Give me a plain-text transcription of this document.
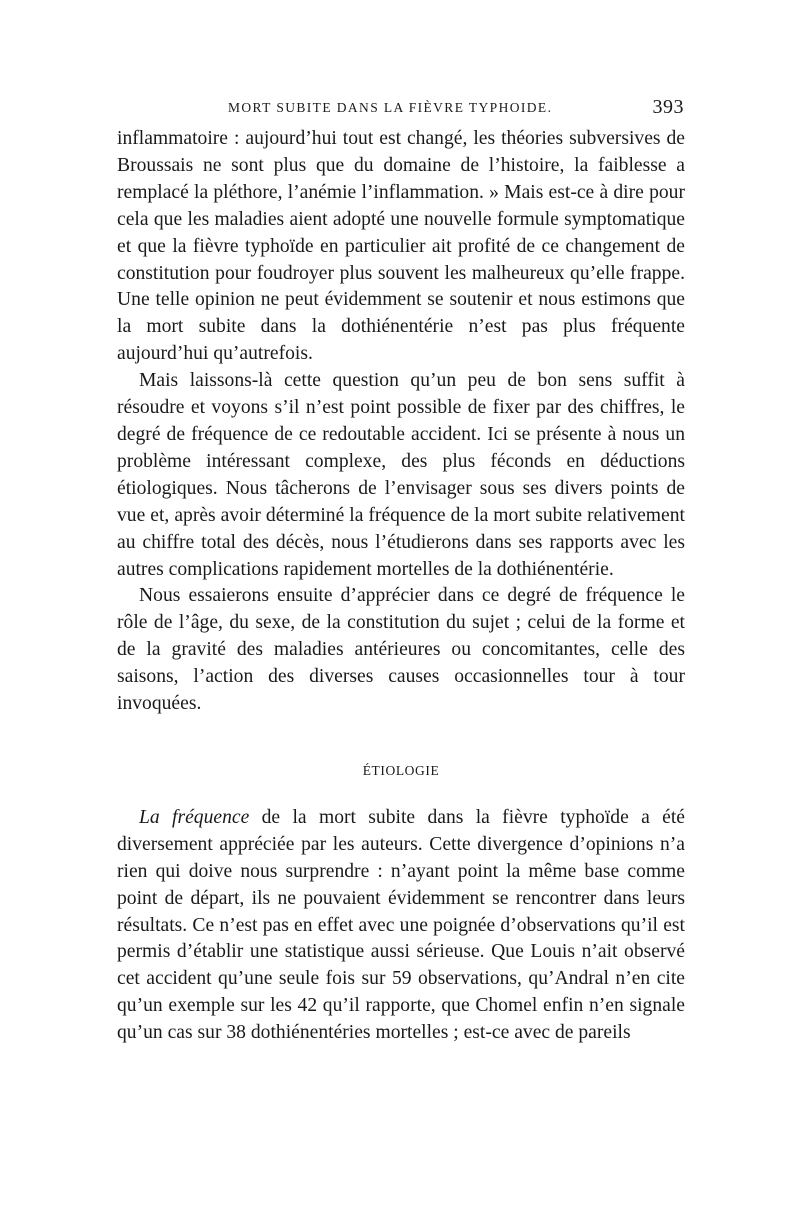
MORT SUBITE DANS LA FIÈVRE TYPHOIDE.	393

inflammatoire : aujourd’hui tout est changé, les théories subversives de Broussais ne sont plus que du domaine de l’histoire, la faiblesse a remplacé la pléthore, l’anémie l’inflammation. » Mais est-ce à dire pour cela que les maladies aient adopté une nouvelle formule symptomatique et que la fièvre typhoïde en particulier ait profité de ce changement de constitution pour foudroyer plus souvent les malheureux qu’elle frappe. Une telle opinion ne peut évidemment se soutenir et nous estimons que la mort subite dans la dothiénentérie n’est pas plus fréquente aujourd’hui qu’autrefois.

Mais laissons-là cette question qu’un peu de bon sens suffit à résoudre et voyons s’il n’est point possible de fixer par des chiffres, le degré de fréquence de ce redoutable accident. Ici se présente à nous un problème intéressant complexe, des plus féconds en déductions étiologiques. Nous tâcherons de l’envisager sous ses divers points de vue et, après avoir déterminé la fréquence de la mort subite relativement au chiffre total des décès, nous l’étudierons dans ses rapports avec les autres complications rapidement mortelles de la dothiénentérie.

Nous essaierons ensuite d’apprécier dans ce degré de fréquence le rôle de l’âge, du sexe, de la constitution du sujet ; celui de la forme et de la gravité des maladies antérieures ou concomitantes, celle des saisons, l’action des diverses causes occasionnelles tour à tour invoquées.

ÉTIOLOGIE

La fréquence de la mort subite dans la fièvre typhoïde a été diversement appréciée par les auteurs. Cette divergence d’opinions n’a rien qui doive nous surprendre : n’ayant point la même base comme point de départ, ils ne pouvaient évidemment se rencontrer dans leurs résultats. Ce n’est pas en effet avec une poignée d’observations qu’il est permis d’établir une statistique aussi sérieuse. Que Louis n’ait observé cet accident qu’une seule fois sur 59 observations, qu’Andral n’en cite qu’un exemple sur les 42 qu’il rapporte, que Chomel enfin n’en signale qu’un cas sur 38 dothiénentéries mortelles ; est-ce avec de pareils
